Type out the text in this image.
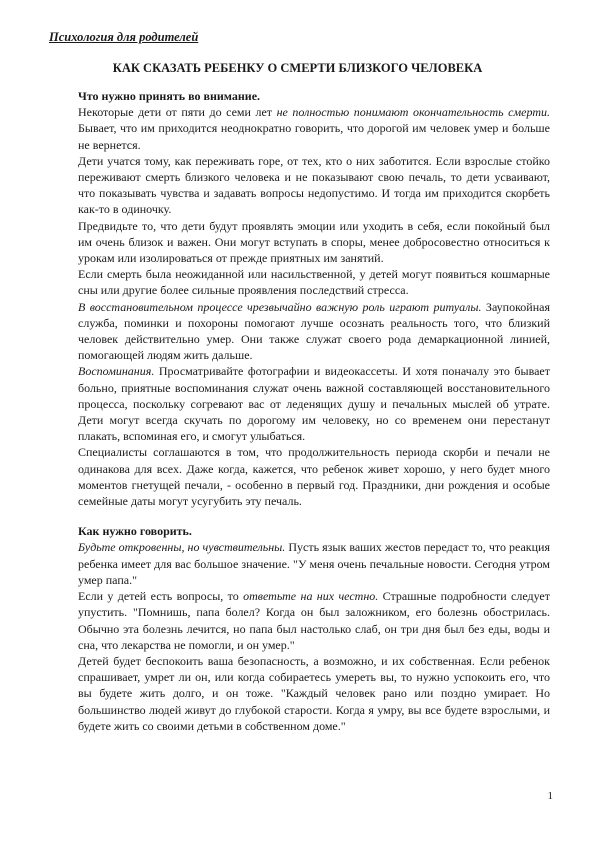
Психология для родителей
КАК СКАЗАТЬ РЕБЕНКУ О СМЕРТИ БЛИЗКОГО ЧЕЛОВЕКА

Что нужно принять во внимание.

Некоторые дети от пяти до семи лет не полностью понимают окончательность смерти. Бывает, что им приходится неоднократно говорить, что дорогой им человек умер и больше не вернется.

Дети учатся тому, как переживать горе, от тех, кто о них заботится. Если взрослые стойко переживают смерть близкого человека и не показывают свою печаль, то дети усваивают, что показывать чувства и задавать вопросы недопустимо. И тогда им приходится скорбеть как-то в одиночку.

Предвидьте то, что дети будут проявлять эмоции или уходить в себя, если покойный был им очень близок и важен. Они могут вступать в споры, менее добросовестно относиться к урокам или изолироваться от прежде приятных им занятий.

Если смерть была неожиданной или насильственной, у детей могут появиться кошмарные сны или другие более сильные проявления последствий стресса.

В восстановительном процессе чрезвычайно важную роль играют ритуалы. Заупокойная служба, поминки и похороны помогают лучше осознать реальность того, что близкий человек действительно умер. Они также служат своего рода демаркационной линией, помогающей людям жить дальше.

Воспоминания. Просматривайте фотографии и видеокассеты. И хотя поначалу это бывает больно, приятные воспоминания служат очень важной составляющей восстановительного процесса, поскольку согревают вас от леденящих душу и печальных мыслей об утрате. Дети могут всегда скучать по дорогому им человеку, но со временем они перестанут плакать, вспоминая его, и смогут улыбаться.

Специалисты соглашаются в том, что продолжительность периода скорби и печали не одинакова для всех. Даже когда, кажется, что ребенок живет хорошо, у него будет много моментов гнетущей печали, - особенно в первый год. Праздники, дни рождения и особые семейные даты могут усугубить эту печаль.

Как нужно говорить.

Будьте откровенны, но чувствительны. Пусть язык ваших жестов передаст то, что реакция ребенка имеет для вас большое значение. "У меня очень печальные новости. Сегодня утром умер папа."

Если у детей есть вопросы, то ответьте на них честно. Страшные подробности следует упустить. "Помнишь, папа болел? Когда он был заложником, его болезнь обострилась. Обычно эта болезнь лечится, но папа был настолько слаб, он три дня был без еды, воды и сна, что лекарства не помогли, и он умер."

Детей будет беспокоить ваша безопасность, а возможно, и их собственная. Если ребенок спрашивает, умрет ли он, или когда собираетесь умереть вы, то нужно успокоить его, что вы будете жить долго, и он тоже. "Каждый человек рано или поздно умирает. Но большинство людей живут до глубокой старости. Когда я умру, вы все будете взрослыми, и будете жить со своими детьми в собственном доме."

1
